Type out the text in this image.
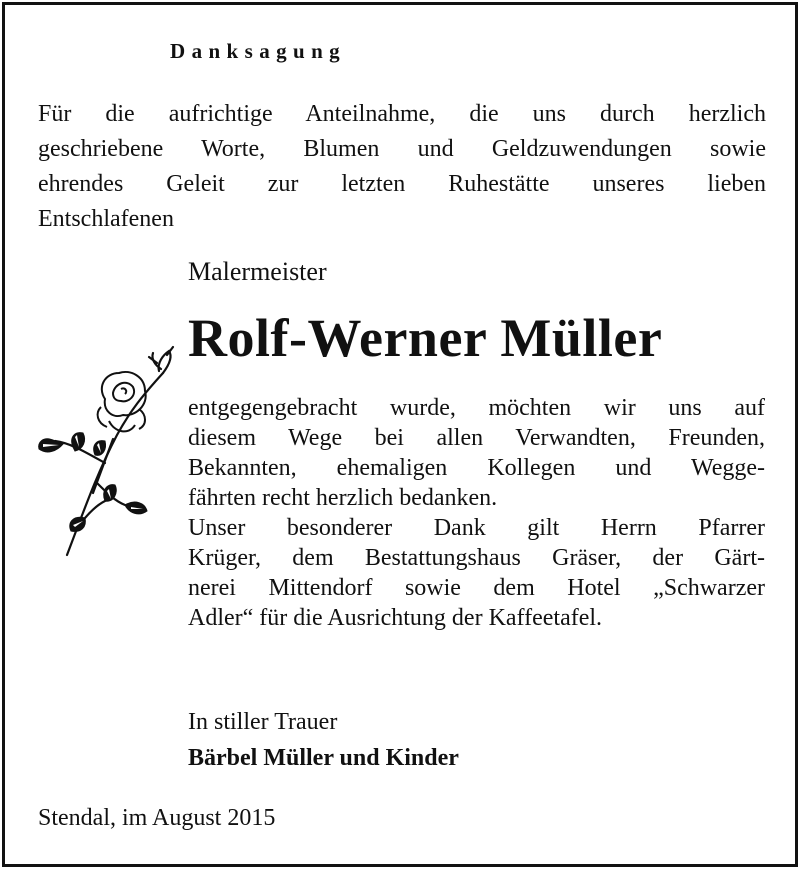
Danksagung
Für die aufrichtige Anteilnahme, die uns durch herzlich
geschriebene Worte, Blumen und Geldzuwendungen sowie
ehrendes Geleit zur letzten Ruhestätte unseres lieben
Entschlafenen
Malermeister
Rolf-Werner Müller
entgegengebracht wurde, möchten wir uns auf
diesem Wege bei allen Verwandten, Freunden,
Bekannten, ehemaligen Kollegen und Wegge-
fährten recht herzlich bedanken.
Unser besonderer Dank gilt Herrn Pfarrer
Krüger, dem Bestattungshaus Gräser, der Gärt-
nerei Mittendorf sowie dem Hotel „Schwarzer
Adler“ für die Ausrichtung der Kaffeetafel.
In stiller Trauer
Bärbel Müller und Kinder
Stendal, im August 2015
